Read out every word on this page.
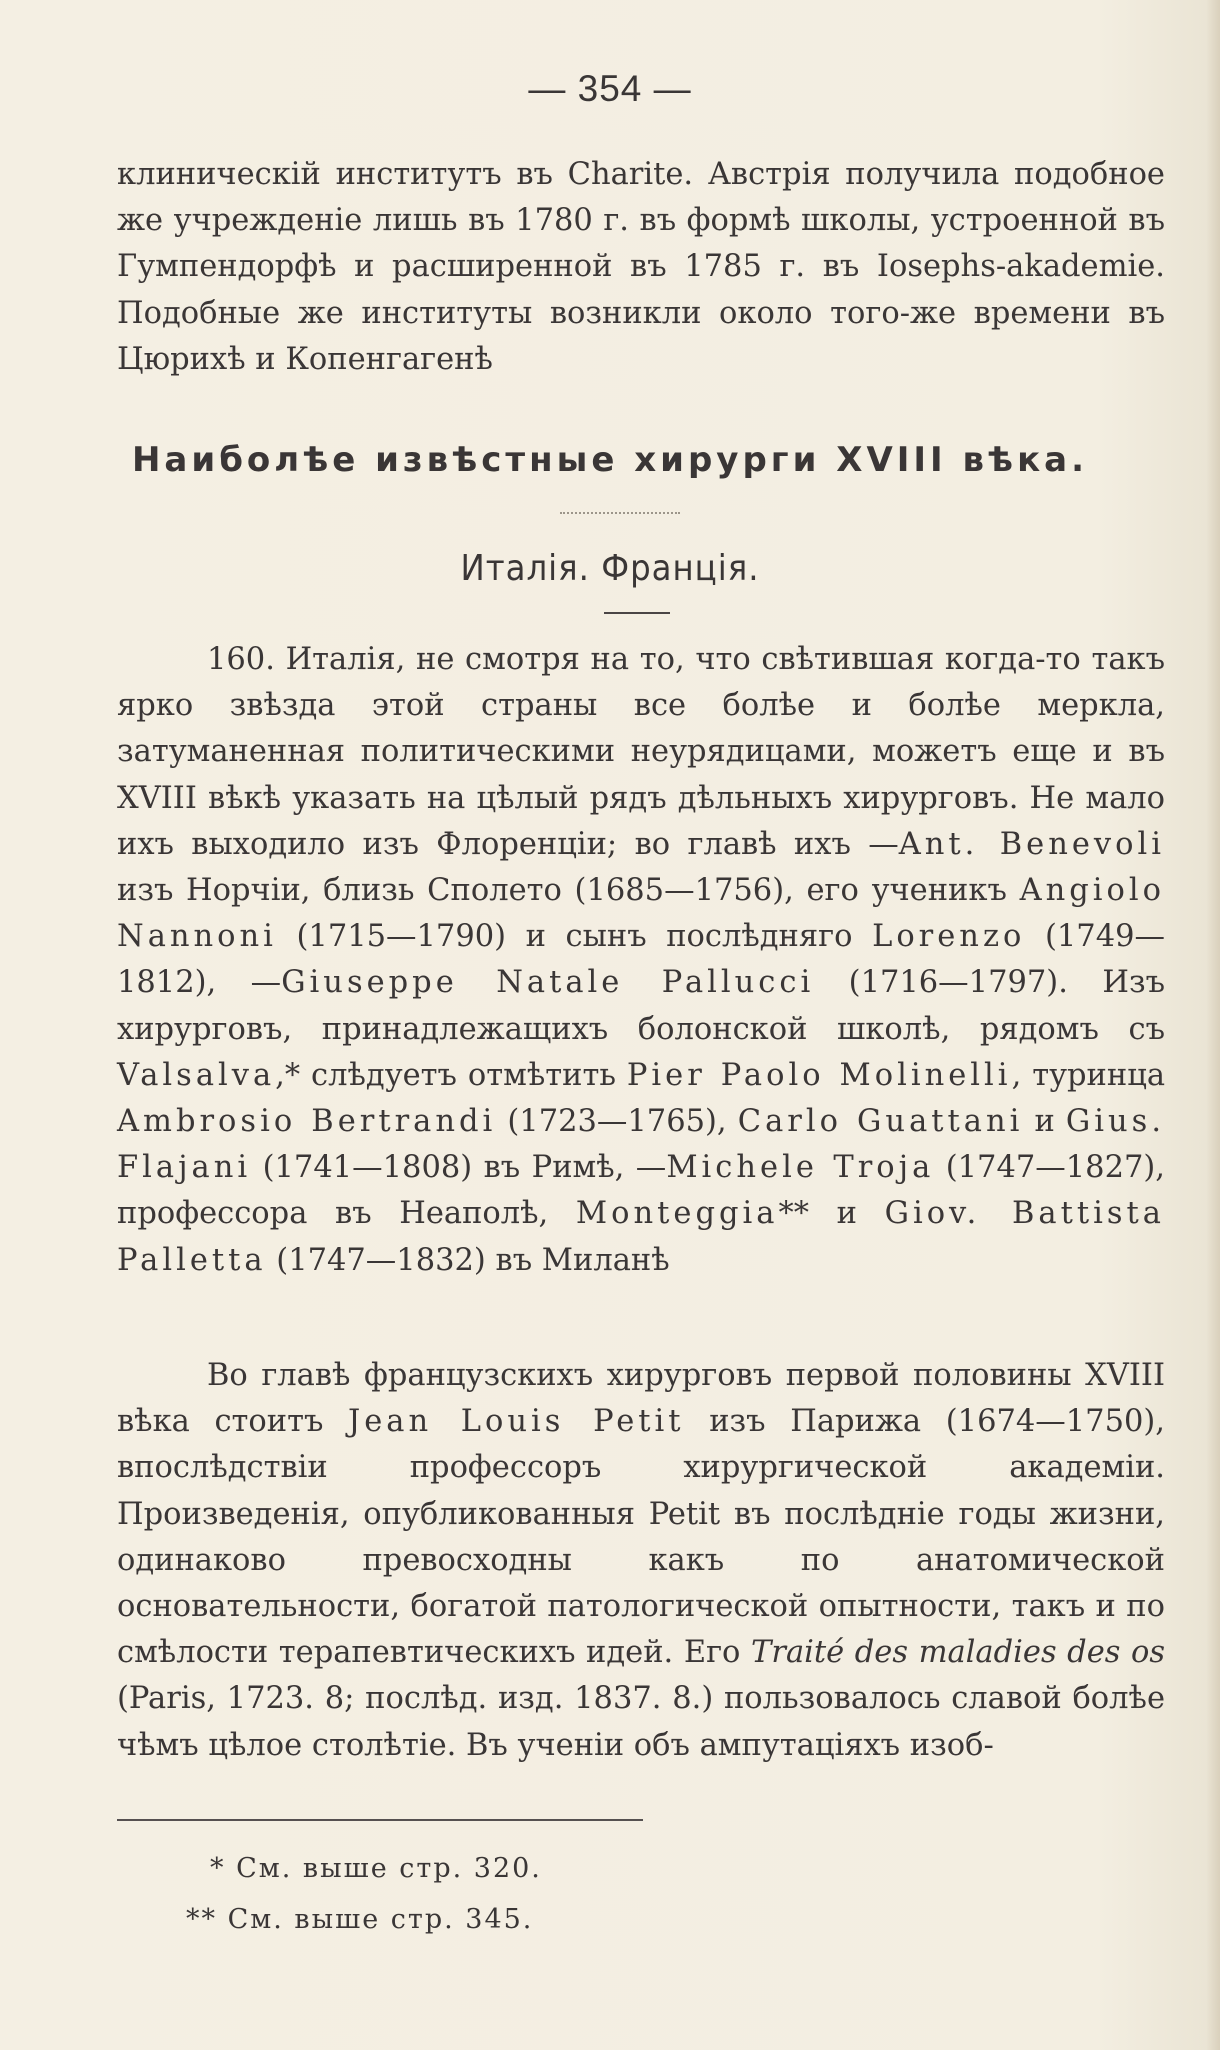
— 354 —

клиническій институтъ въ Charite. Австрія получила подобное же учрежденіе лишь въ 1780 г. въ формѣ школы, устроенной въ Гумпендорфѣ и расширенной въ 1785 г. въ Iosephs-akademie. Подобные же институты возникли около того-же времени въ Цюрихѣ и Копенгагенѣ

Наиболѣе извѣстные хирурги XVIII вѣка.
Италія. Франція.

160. Италія, не смотря на то, что свѣтившая когда-то такъ ярко звѣзда этой страны все болѣе и болѣе меркла, затуманенная политическими неурядицами, можетъ еще и въ XVIII вѣкѣ указать на цѣлый рядъ дѣльныхъ хирурговъ. Не мало ихъ выходило изъ Флоренціи; во главѣ ихъ —Ant. Benevoli изъ Норчіи, близь Сполето (1685—1756), его ученикъ Angiolo Nannoni (1715—1790) и сынъ послѣдняго Lorenzo (1749—1812), —Giuseppe Natale Pallucci (1716—1797). Изъ хирурговъ, принадлежащихъ болонской школѣ, рядомъ съ Valsalva,* слѣдуетъ отмѣтить Pier Paolo Molinelli, туринца Ambrosio Bertrandi (1723—1765), Carlo Guattani и Gius. Flajani (1741—1808) въ Римѣ, —Michele Troja (1747—1827), профессора въ Неаполѣ, Monteggia** и Giov. Battista Palletta (1747—1832) въ Миланѣ

Во главѣ французскихъ хирурговъ первой половины XVIII вѣка стоитъ Jean Louis Petit изъ Парижа (1674—1750), впослѣдствіи профессоръ хирургической академіи. Произведенія, опубликованныя Petit въ послѣдніе годы жизни, одинаково превосходны какъ по анатомической основательности, богатой патологической опытности, такъ и по смѣлости терапевтическихъ идей. Его Traité des maladies des os (Paris, 1723. 8; послѣд. изд. 1837. 8.) пользовалось славой болѣе чѣмъ цѣлое столѣтіе. Въ ученіи объ ампутаціяхъ изоб-

* См. выше стр. 320.
** См. выше стр. 345.
